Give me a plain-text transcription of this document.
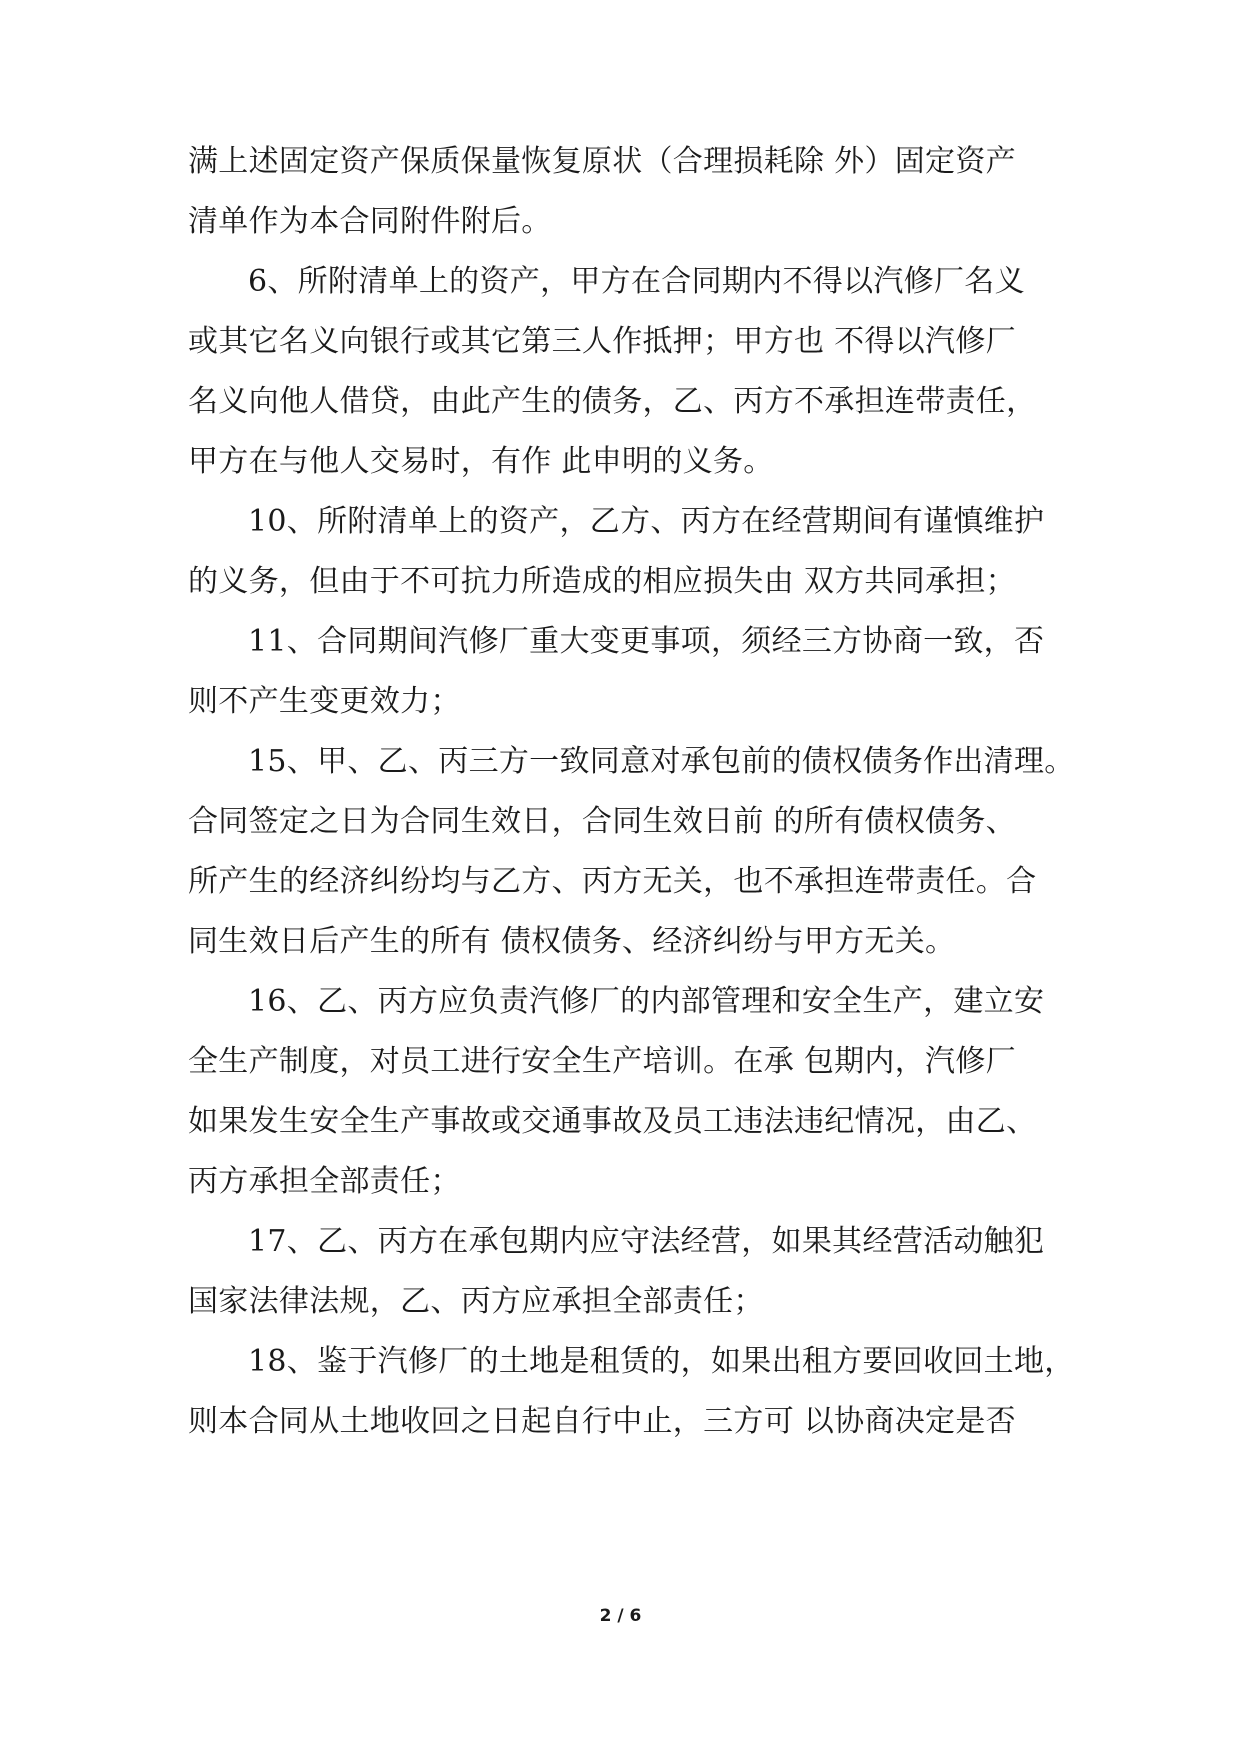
满上述固定资产保质保量恢复原状（合理损耗除 外）固定资产
清单作为本合同附件附后。
6、所附清单上的资产，甲方在合同期内不得以汽修厂名义
或其它名义向银行或其它第三人作抵押；甲方也 不得以汽修厂
名义向他人借贷，由此产生的债务，乙、丙方不承担连带责任，
甲方在与他人交易时，有作 此申明的义务。
10、所附清单上的资产，乙方、丙方在经营期间有谨慎维护
的义务，但由于不可抗力所造成的相应损失由 双方共同承担；
11、合同期间汽修厂重大变更事项，须经三方协商一致，否
则不产生变更效力；
15、甲、乙、丙三方一致同意对承包前的债权债务作出清理。
合同签定之日为合同生效日，合同生效日前 的所有债权债务、
所产生的经济纠纷均与乙方、丙方无关，也不承担连带责任。合
同生效日后产生的所有 债权债务、经济纠纷与甲方无关。
16、乙、丙方应负责汽修厂的内部管理和安全生产，建立安
全生产制度，对员工进行安全生产培训。在承 包期内，汽修厂
如果发生安全生产事故或交通事故及员工违法违纪情况，由乙、
丙方承担全部责任；
17、乙、丙方在承包期内应守法经营，如果其经营活动触犯
国家法律法规，乙、丙方应承担全部责任；
18、鉴于汽修厂的土地是租赁的，如果出租方要回收回土地，
则本合同从土地收回之日起自行中止，三方可 以协商决定是否
2 / 6
